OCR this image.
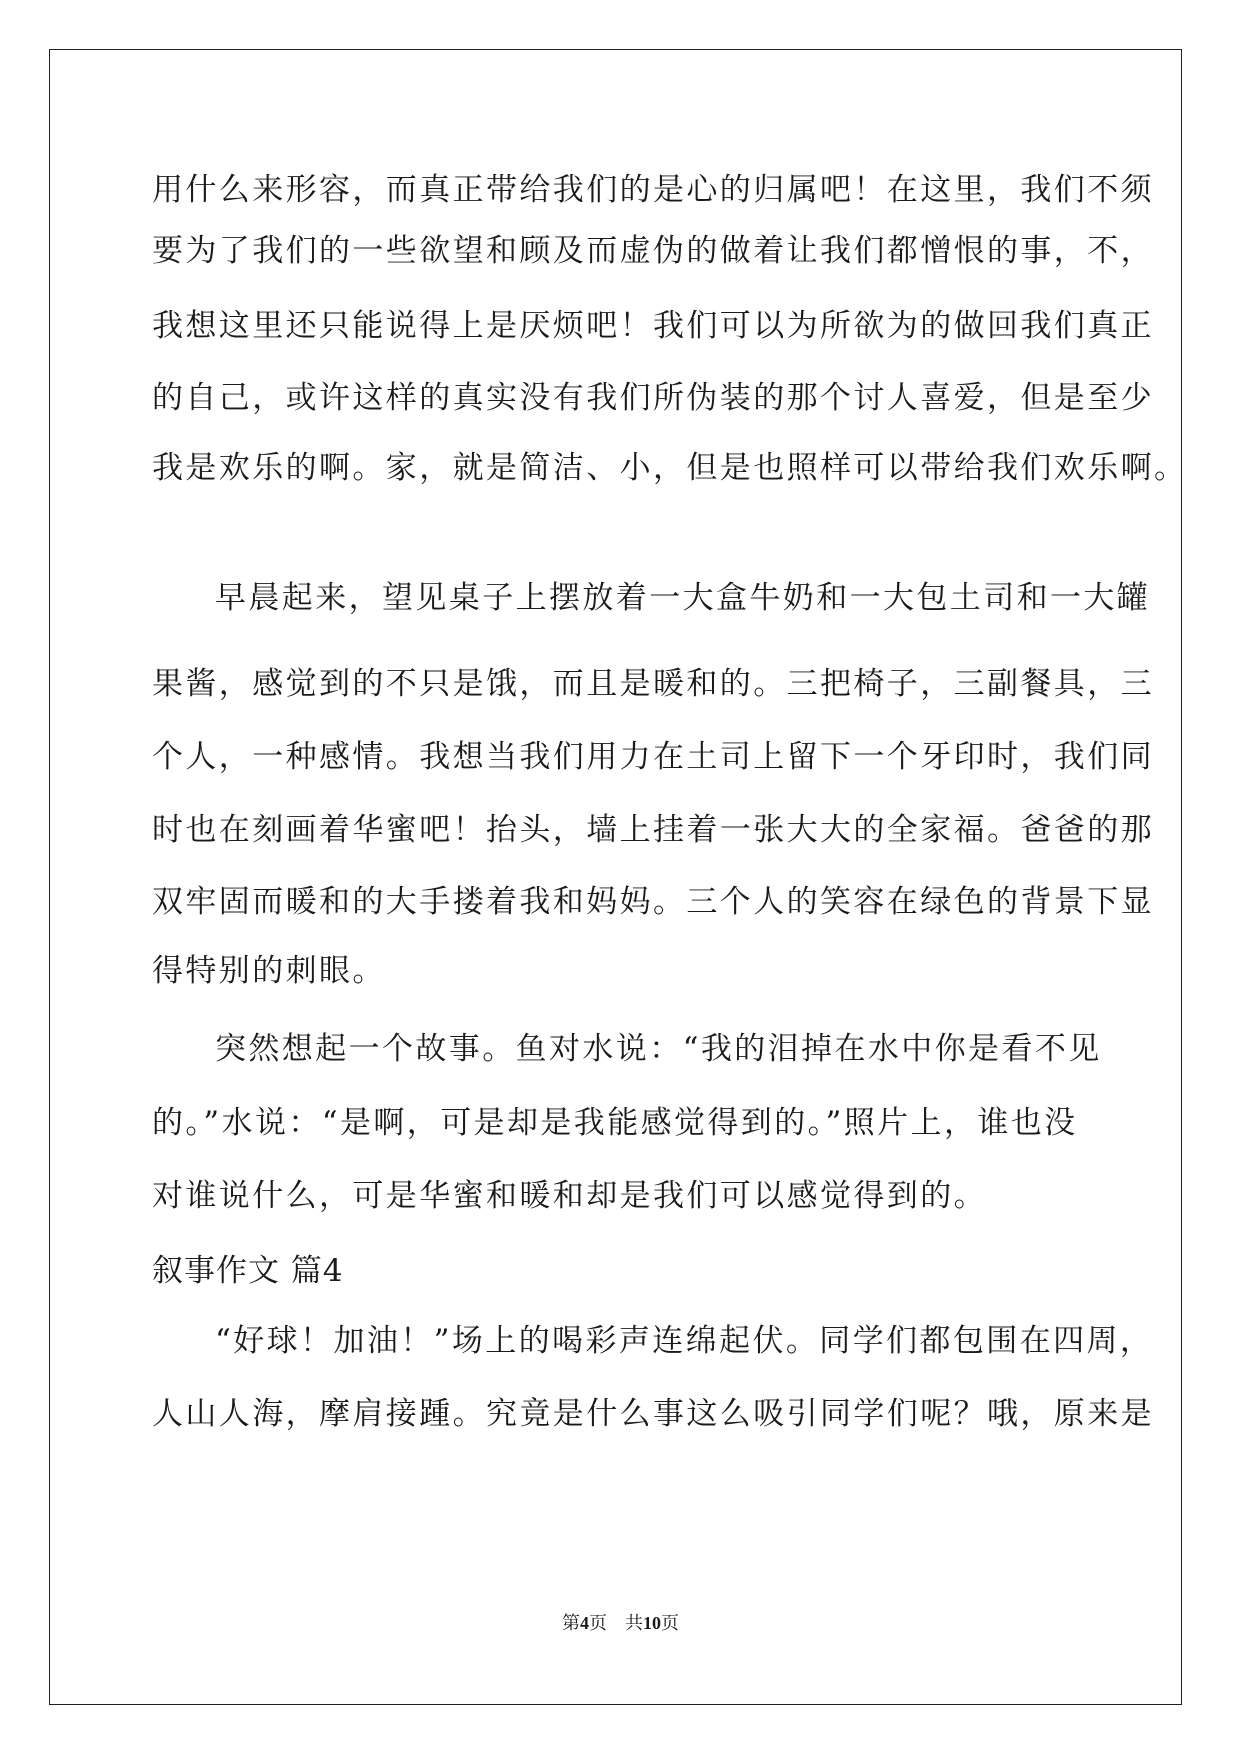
用什么来形容，而真正带给我们的是心的归属吧！在这里，我们不须
要为了我们的一些欲望和顾及而虚伪的做着让我们都憎恨的事，不，
我想这里还只能说得上是厌烦吧！我们可以为所欲为的做回我们真正
的自己，或许这样的真实没有我们所伪装的那个讨人喜爱，但是至少
我是欢乐的啊。家，就是简洁、小，但是也照样可以带给我们欢乐啊。
早晨起来，望见桌子上摆放着一大盒牛奶和一大包土司和一大罐
果酱，感觉到的不只是饿，而且是暖和的。三把椅子，三副餐具，三
个人，一种感情。我想当我们用力在土司上留下一个牙印时，我们同
时也在刻画着华蜜吧！抬头，墙上挂着一张大大的全家福。爸爸的那
双牢固而暖和的大手搂着我和妈妈。三个人的笑容在绿色的背景下显
得特别的刺眼。
突然想起一个故事。鱼对水说：“我的泪掉在水中你是看不见
的。”水说：“是啊，可是却是我能感觉得到的。”照片上，谁也没
对谁说什么，可是华蜜和暖和却是我们可以感觉得到的。
叙事作文 篇4
“好球！加油！”场上的喝彩声连绵起伏。同学们都包围在四周，
人山人海，摩肩接踵。究竟是什么事这么吸引同学们呢？哦，原来是
第4页　共10页
